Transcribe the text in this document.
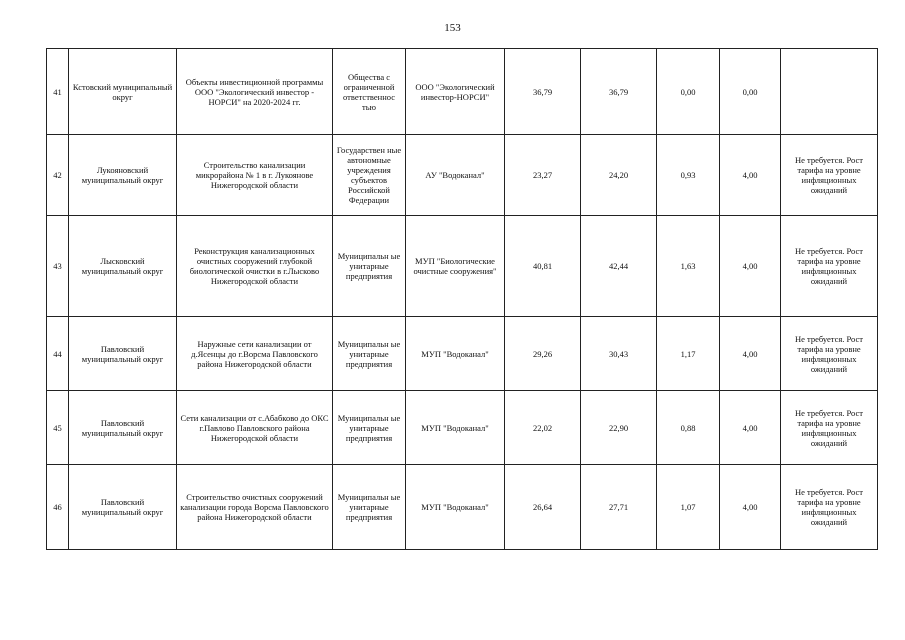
153
41	Кстовский муниципальный округ	Объекты инвестиционной программы ООО "Экологический инвестор - НОРСИ" на 2020-2024 гг.	Общества с ограниченной ответственнос тью	ООО "Экологический инвестор-НОРСИ"	36,79	36,79	0,00	0,00	
42	Лукояновский муниципальный округ	Строительство канализации микрорайона № 1 в г. Лукоянове Нижегородской области	Государствен ные автономные учреждения субъектов Российской Федерации	АУ "Водоканал"	23,27	24,20	0,93	4,00	Не требуется. Рост тарифа на уровне инфляционных ожиданий
43	Лысковский муниципальный округ	Реконструкция канализационных очистных сооружений глубокой биологической очистки в г.Лысково Нижегородской области	Муниципальн ые унитарные предприятия	МУП "Биологические очистные сооружения"	40,81	42,44	1,63	4,00	Не требуется. Рост тарифа на уровне инфляционных ожиданий
44	Павловский муниципальный округ	Наружные сети канализации от д.Ясенцы до г.Ворсма Павловского района Нижегородской области	Муниципальн ые унитарные предприятия	МУП "Водоканал"	29,26	30,43	1,17	4,00	Не требуется. Рост тарифа на уровне инфляционных ожиданий
45	Павловский муниципальный округ	Сети канализации от с.Абабково до ОКС г.Павлово Павловского района Нижегородской области	Муниципальн ые унитарные предприятия	МУП "Водоканал"	22,02	22,90	0,88	4,00	Не требуется. Рост тарифа на уровне инфляционных ожиданий
46	Павловский муниципальный округ	Строительство очистных сооружений канализации города Ворсма Павловского района Нижегородской области	Муниципальн ые унитарные предприятия	МУП "Водоканал"	26,64	27,71	1,07	4,00	Не требуется. Рост тарифа на уровне инфляционных ожиданий
